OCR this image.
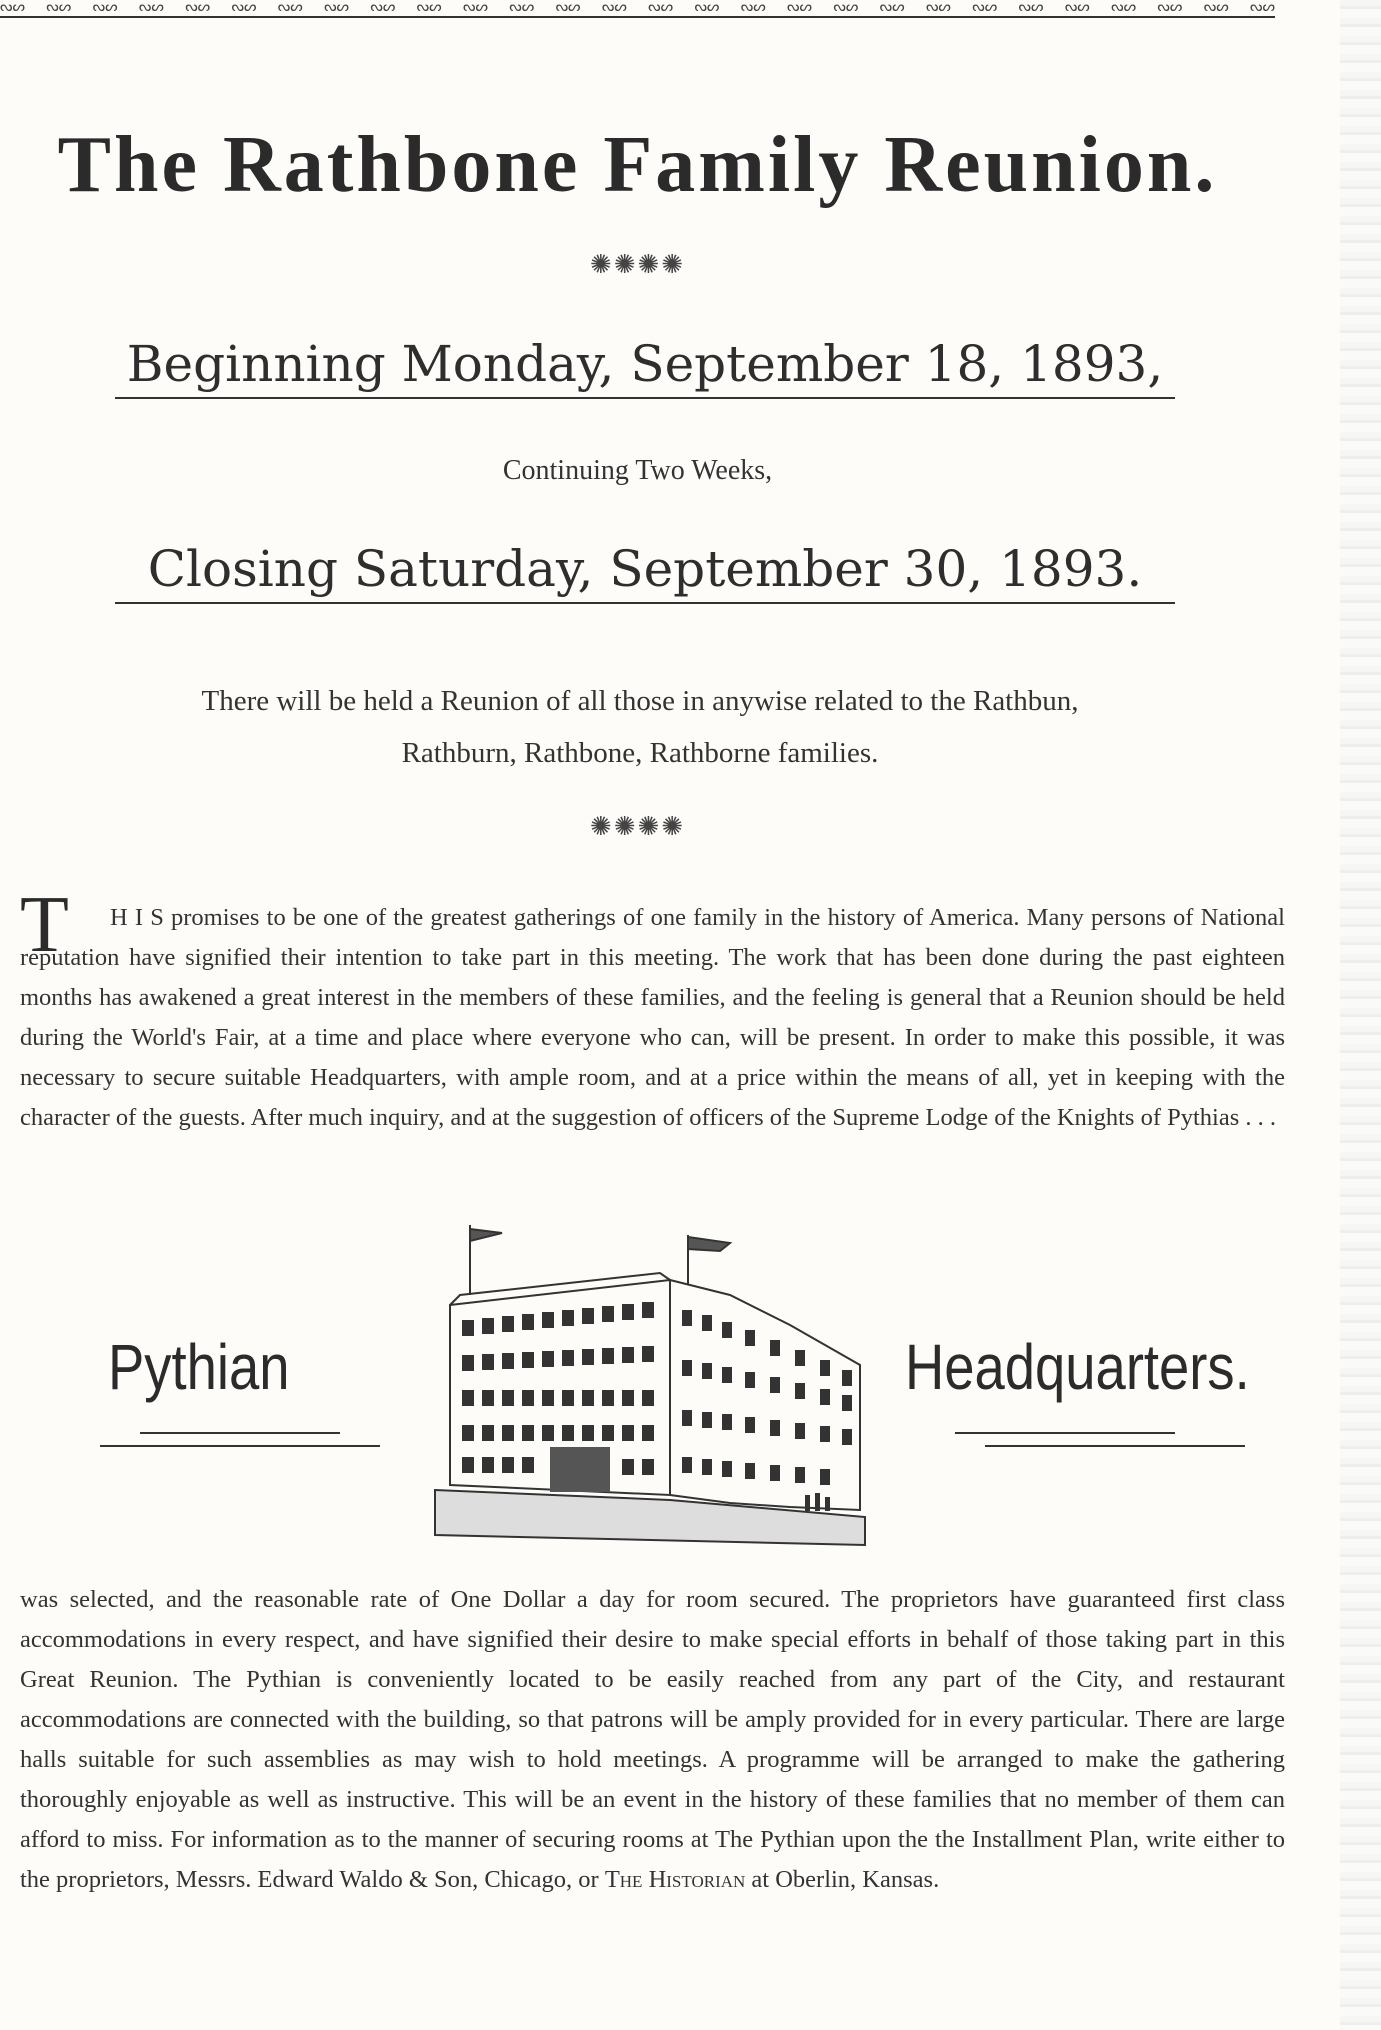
ᔓᔕ ᔓᔕ ᔓᔕ ᔓᔕ ᔓᔕ ᔓᔕ ᔓᔕ ᔓᔕ ᔓᔕ ᔓᔕ ᔓᔕ ᔓᔕ ᔓᔕ ᔓᔕ ᔓᔕ ᔓᔕ ᔓᔕ ᔓᔕ ᔓᔕ ᔓᔕ ᔓᔕ ᔓᔕ ᔓᔕ ᔓᔕ ᔓᔕ ᔓᔕ ᔓᔕ ᔓᔕ
The Rathbone Family Reunion.
✺✺✺✺
Beginning Monday, September 18, 1893,
Continuing Two Weeks,
Closing Saturday, September 30, 1893.
There will be held a Reunion of all those in anywise related to the Rathbun,
Rathburn, Rathbone, Rathborne families.
✺✺✺✺
T	H I S promises to be one of the greatest gatherings of one family in the history of America. Many persons of National reputation have signified their intention to take part in this meeting. The work that has been done during the past eighteen months has awakened a great interest in the members of these families, and the feeling is general that a Reunion should be held during the World's Fair, at a time and place where everyone who can, will be present. In order to make this possible, it was necessary to secure suitable Headquarters, with ample room, and at a price within the means of all, yet in keeping with the character of the guests. After much inquiry, and at the suggestion of officers of the Supreme Lodge of the Knights of Pythias . . .

Pythian	Headquarters.

was selected, and the reasonable rate of One Dollar a day for room secured. The proprietors have guaranteed first class accommodations in every respect, and have signified their desire to make special efforts in behalf of those taking part in this Great Reunion. The Pythian is conveniently located to be easily reached from any part of the City, and restaurant accommodations are connected with the building, so that patrons will be amply provided for in every particular. There are large halls suitable for such assemblies as may wish to hold meetings. A programme will be arranged to make the gathering thoroughly enjoyable as well as instructive. This will be an event in the history of these families that no member of them can afford to miss. For information as to the manner of securing rooms at The Pythian upon the the Installment Plan, write either to the proprietors, Messrs. Edward Waldo & Son, Chicago, or The Historian at Oberlin, Kansas.
